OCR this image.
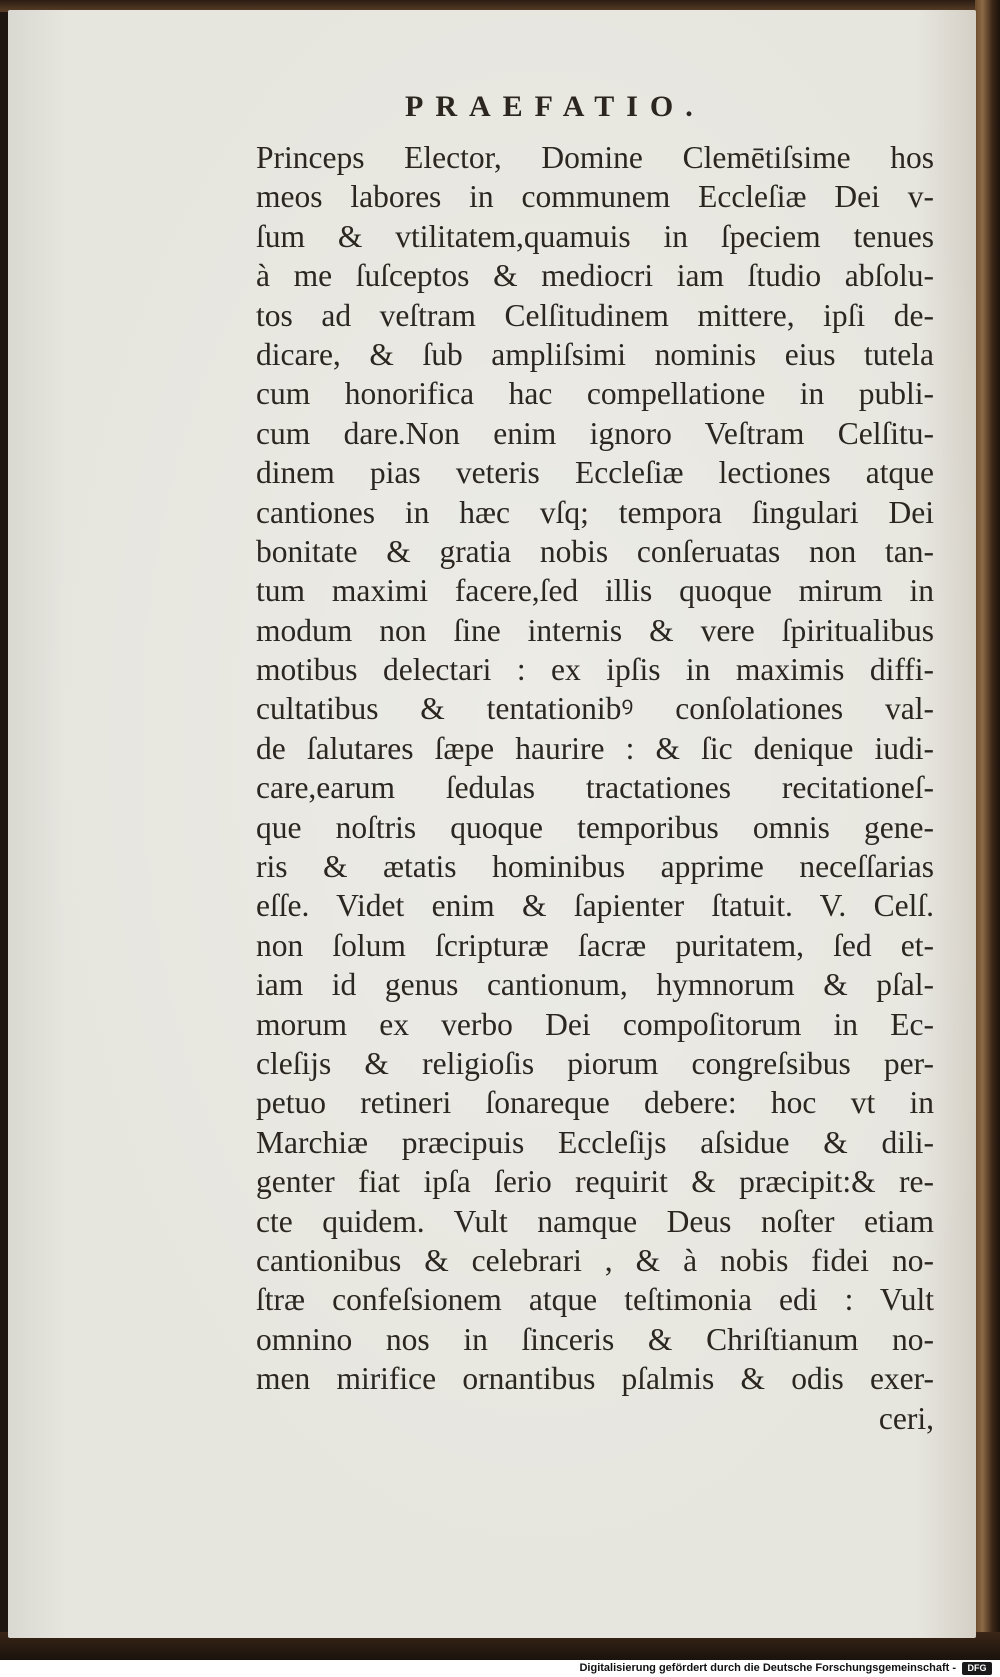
PRAEFATIO.
Princeps Elector, Domine Clemētiſsime hos
meos labores in communem Eccleſiæ Dei v-
ſum & vtilitatem,quamuis in ſpeciem tenues
à me ſuſceptos & mediocri iam ſtudio abſolu-
tos ad veſtram Celſitudinem mittere, ipſi de-
dicare, & ſub ampliſsimi nominis eius tutela
cum honorifica hac compellatione in publi-
cum dare.Non enim ignoro Veſtram Celſitu-
dinem pias veteris Eccleſiæ lectiones atque
cantiones in hæc vſq; tempora ſingulari Dei
bonitate & gratia nobis conſeruatas non tan-
tum maximi facere,ſed illis quoque mirum in
modum non ſine internis & vere ſpiritualibus
motibus delectari : ex ipſis in maximis diffi-
cultatibus & tentationibꝰ conſolationes val-
de ſalutares ſæpe haurire : & ſic denique iudi-
care,earum ſedulas tractationes recitationeſ-
que noſtris quoque temporibus omnis gene-
ris & ætatis hominibus apprime neceſſarias
eſſe. Videt enim & ſapienter ſtatuit. V. Celſ.
non ſolum ſcripturæ ſacræ puritatem, ſed et-
iam id genus cantionum, hymnorum & pſal-
morum ex verbo Dei compoſitorum in Ec-
cleſijs & religioſis piorum congreſsibus per-
petuo retineri ſonareque debere: hoc vt in
Marchiæ præcipuis Eccleſijs aſsidue & dili-
genter fiat ipſa ſerio requirit & præcipit:& re-
cte quidem. Vult namque Deus noſter etiam
cantionibus & celebrari , & à nobis fidei no-
ſtræ confeſsionem atque teſtimonia edi : Vult
omnino nos in ſinceris & Chriſtianum no-
men mirifice ornantibus pſalmis & odis exer-
ceri,
Digitalisierung gefördert durch die Deutsche Forschungsgemeinschaft -	DFG
